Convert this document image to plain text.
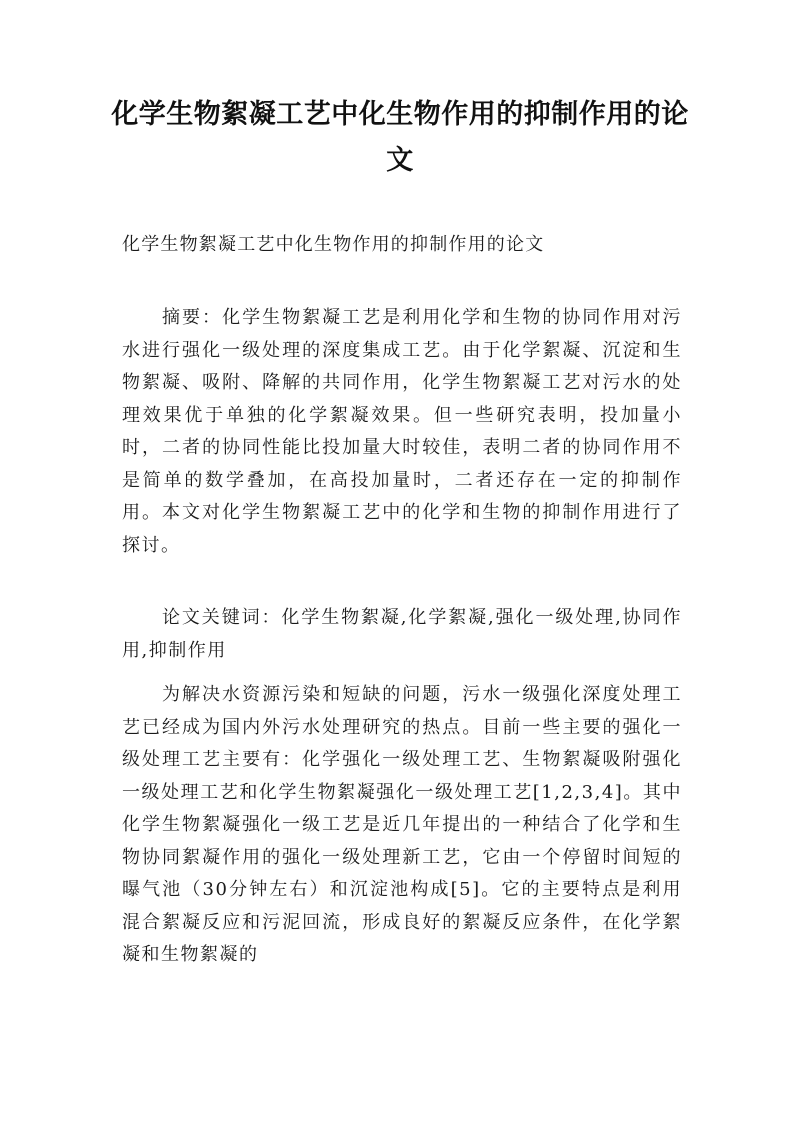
化学生物絮凝工艺中化生物作用的抑制作用的论文

化学生物絮凝工艺中化生物作用的抑制作用的论文

摘要：化学生物絮凝工艺是利用化学和生物的协同作用对污水进行强化一级处理的深度集成工艺。由于化学絮凝、沉淀和生物絮凝、吸附、降解的共同作用，化学生物絮凝工艺对污水的处理效果优于单独的化学絮凝效果。但一些研究表明，投加量小时，二者的协同性能比投加量大时较佳，表明二者的协同作用不是简单的数学叠加，在高投加量时，二者还存在一定的抑制作用。本文对化学生物絮凝工艺中的化学和生物的抑制作用进行了探讨。

论文关键词：化学生物絮凝,化学絮凝,强化一级处理,协同作用,抑制作用

为解决水资源污染和短缺的问题，污水一级强化深度处理工艺已经成为国内外污水处理研究的热点。目前一些主要的强化一级处理工艺主要有：化学强化一级处理工艺、生物絮凝吸附强化一级处理工艺和化学生物絮凝强化一级处理工艺[1,2,3,4]。其中化学生物絮凝强化一级工艺是近几年提出的一种结合了化学和生物协同絮凝作用的强化一级处理新工艺，它由一个停留时间短的曝气池（30分钟左右）和沉淀池构成[5]。它的主要特点是利用混合絮凝反应和污泥回流，形成良好的絮凝反应条件，在化学絮凝和生物絮凝的
